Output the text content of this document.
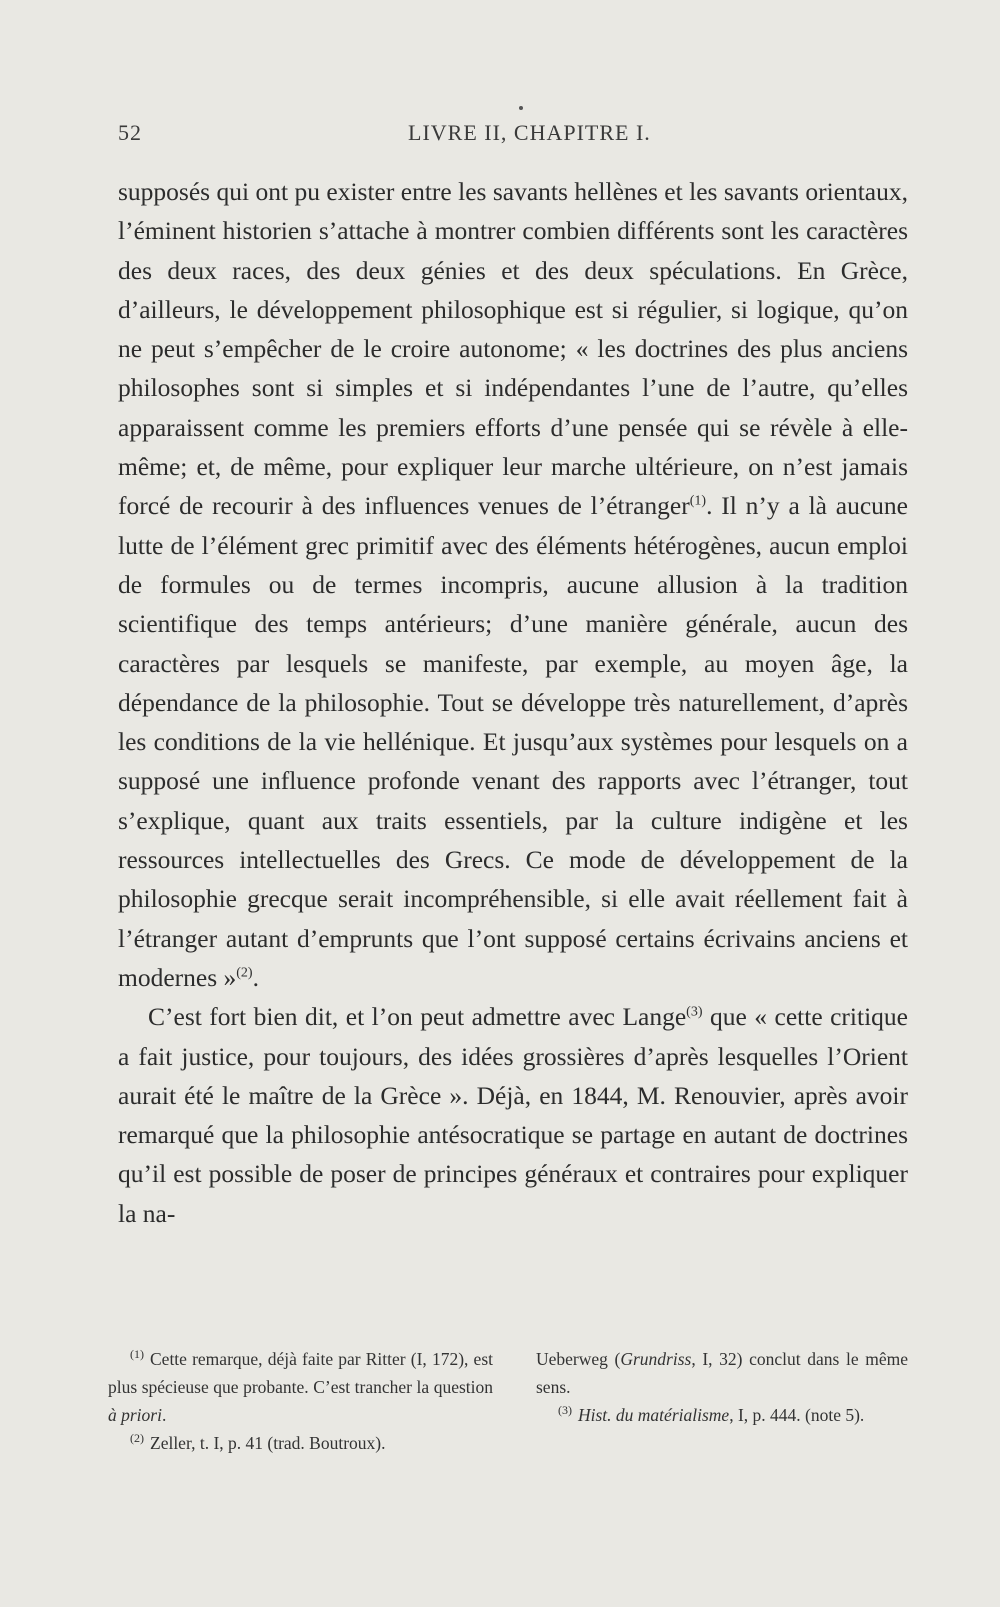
52	LIVRE II, CHAPITRE I.

supposés qui ont pu exister entre les savants hellènes et les savants orientaux, l’éminent historien s’attache à montrer combien différents sont les caractères des deux races, des deux génies et des deux spéculations. En Grèce, d’ailleurs, le développement philosophique est si régulier, si logique, qu’on ne peut s’empêcher de le croire autonome; « les doctrines des plus anciens philosophes sont si simples et si indépendantes l’une de l’autre, qu’elles apparaissent comme les premiers efforts d’une pensée qui se révèle à elle-même; et, de même, pour expliquer leur marche ultérieure, on n’est jamais forcé de recourir à des influences venues de l’étranger$^{(1)}$. Il n’y a là aucune lutte de l’élément grec primitif avec des éléments hétérogènes, aucun emploi de formules ou de termes incompris, aucune allusion à la tradition scientifique des temps antérieurs; d’une manière générale, aucun des caractères par lesquels se manifeste, par exemple, au moyen âge, la dépendance de la philosophie. Tout se développe très naturellement, d’après les conditions de la vie hellénique. Et jusqu’aux systèmes pour lesquels on a supposé une influence profonde venant des rapports avec l’étranger, tout s’explique, quant aux traits essentiels, par la culture indigène et les ressources intellectuelles des Grecs. Ce mode de développement de la philosophie grecque serait incompréhensible, si elle avait réellement fait à l’étranger autant d’emprunts que l’ont supposé certains écrivains anciens et modernes »$^{(2)}$.

C’est fort bien dit, et l’on peut admettre avec Lange$^{(3)}$ que « cette critique a fait justice, pour toujours, des idées grossières d’après lesquelles l’Orient aurait été le maître de la Grèce ». Déjà, en 1844, M. Renouvier, après avoir remarqué que la philosophie antésocratique se partage en autant de doctrines qu’il est possible de poser de principes généraux et contraires pour expliquer la na-

$^{(1)}$ Cette remarque, déjà faite par Ritter (I, 172), est plus spécieuse que probante. C’est trancher la question à priori.

$^{(2)}$ Zeller, t. I, p. 41 (trad. Boutroux).

Ueberweg (Grundriss, I, 32) conclut dans le même sens.

$^{(3)}$ Hist. du matérialisme, I, p. 444. (note 5).
